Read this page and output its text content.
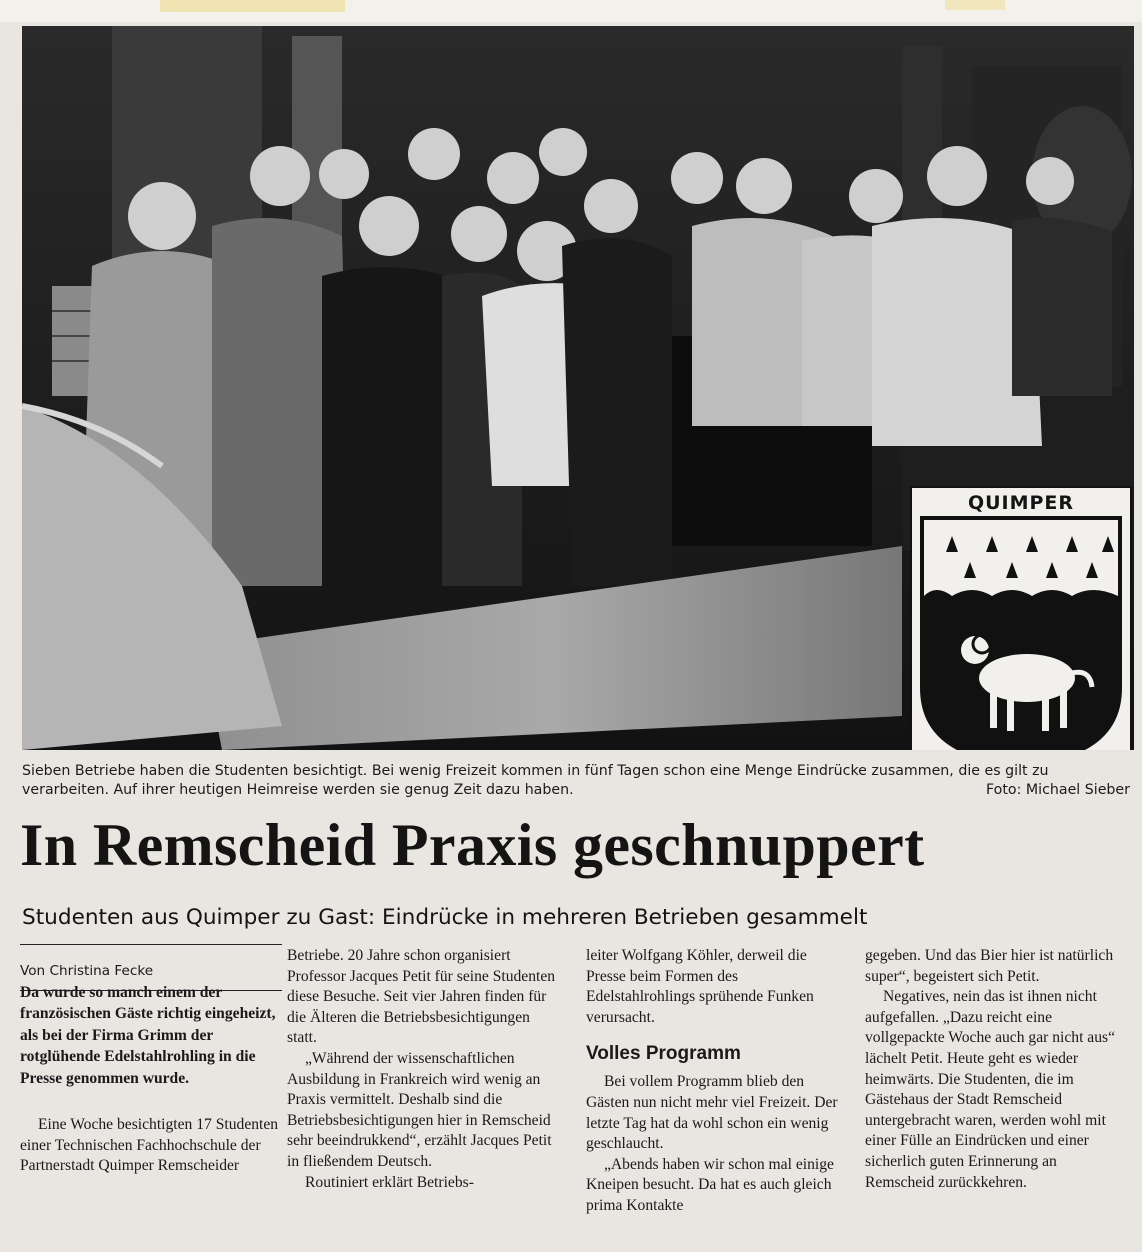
QUIMPER
Sieben Betriebe haben die Studenten besichtigt. Bei wenig Freizeit kommen in fünf Tagen schon eine Menge Eindrücke zusammen, die es gilt zu verarbeiten. Auf ihrer heutigen Heimreise werden sie genug Zeit dazu haben.	Foto: Michael Sieber
In Remscheid Praxis geschnuppert
Studenten aus Quimper zu Gast: Eindrücke in mehreren Betrieben gesammelt
Von Christina Fecke

Da wurde so manch einem der französischen Gäste richtig eingeheizt, als bei der Firma Grimm der rotglühende Edelstahlrohling in die Presse genommen wurde.

Eine Woche besichtigten 17 Studenten einer Technischen Fachhochschule der Partnerstadt Quimper Remscheider

Betriebe. 20 Jahre schon organisiert Professor Jacques Petit für seine Studenten diese Besuche. Seit vier Jahren finden für die Älteren die Betriebsbesichtigungen statt.

„Während der wissenschaftlichen Ausbildung in Frankreich wird wenig an Praxis vermittelt. Deshalb sind die Betriebsbesichtigungen hier in Remscheid sehr beeindrukkend“, erzählt Jacques Petit in fließendem Deutsch.

Routiniert erklärt Betriebs-

leiter Wolfgang Köhler, derweil die Presse beim Formen des Edelstahlrohlings sprühende Funken verursacht.

Volles Programm

Bei vollem Programm blieb den Gästen nun nicht mehr viel Freizeit. Der letzte Tag hat da wohl schon ein wenig geschlaucht.

„Abends haben wir schon mal einige Kneipen besucht. Da hat es auch gleich prima Kontakte

gegeben. Und das Bier hier ist natürlich super“, begeistert sich Petit.

Negatives, nein das ist ihnen nicht aufgefallen. „Dazu reicht eine vollgepackte Woche auch gar nicht aus“ lächelt Petit. Heute geht es wieder heimwärts. Die Studenten, die im Gästehaus der Stadt Remscheid untergebracht waren, werden wohl mit einer Fülle an Eindrücken und einer sicherlich guten Erinnerung an Remscheid zurückkehren.
